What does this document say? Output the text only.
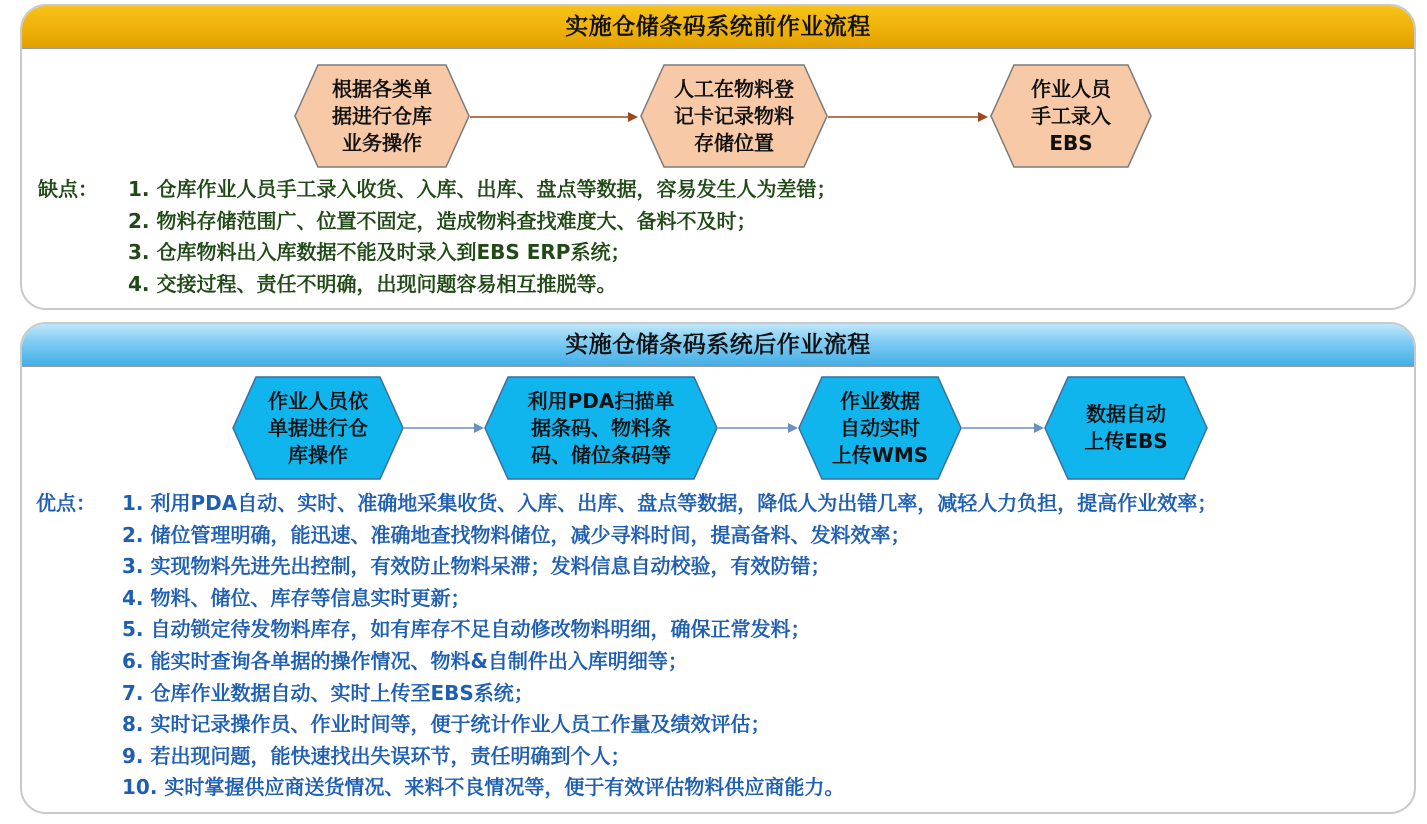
实施仓储条码系统前作业流程
根据各类单
据进行仓库
业务操作
人工在物料登
记卡记录物料
存储位置
作业人员
手工录入
EBS
缺点： 1. 仓库作业人员手工录入收货、入库、出库、盘点等数据，容易发生人为差错；
2. 物料存储范围广、位置不固定，造成物料查找难度大、备料不及时；
3. 仓库物料出入库数据不能及时录入到EBS ERP系统；
4. 交接过程、责任不明确，出现问题容易相互推脱等。
实施仓储条码系统后作业流程
作业人员依
单据进行仓
库操作
利用PDA扫描单
据条码、物料条
码、储位条码等
作业数据
自动实时
上传WMS
数据自动
上传EBS
优点： 1. 利用PDA自动、实时、准确地采集收货、入库、出库、盘点等数据，降低人为出错几率，减轻人力负担，提高作业效率；
2. 储位管理明确，能迅速、准确地查找物料储位，减少寻料时间，提高备料、发料效率；
3. 实现物料先进先出控制，有效防止物料呆滞；发料信息自动校验，有效防错；
4. 物料、储位、库存等信息实时更新；
5. 自动锁定待发物料库存，如有库存不足自动修改物料明细，确保正常发料；
6. 能实时查询各单据的操作情况、物料&自制件出入库明细等；
7. 仓库作业数据自动、实时上传至EBS系统；
8. 实时记录操作员、作业时间等，便于统计作业人员工作量及绩效评估；
9. 若出现问题，能快速找出失误环节，责任明确到个人；
10. 实时掌握供应商送货情况、来料不良情况等，便于有效评估物料供应商能力。
